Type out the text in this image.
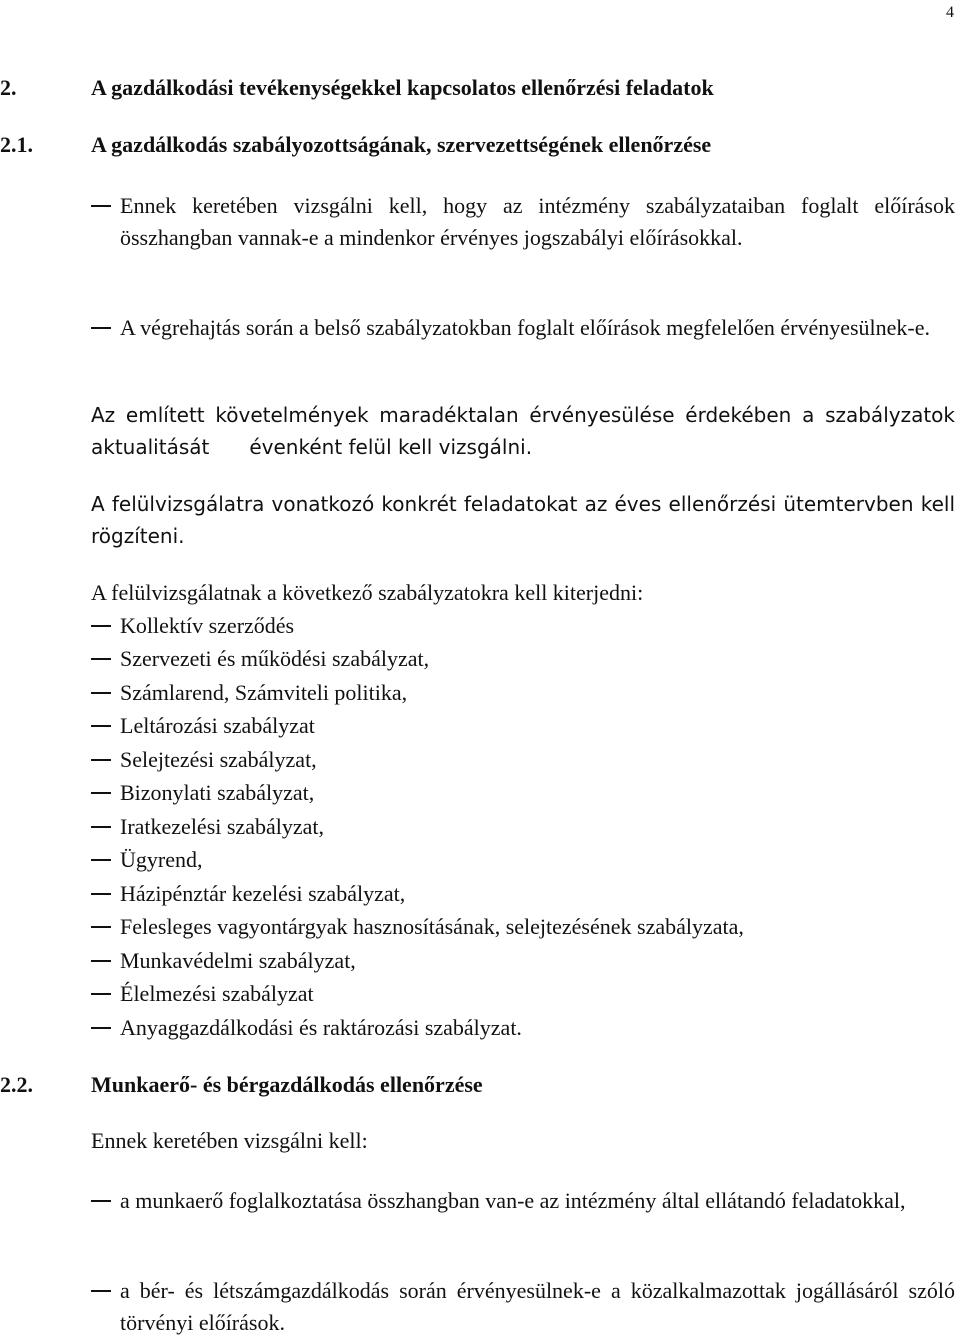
4
2.	A gazdálkodási tevékenységekkel kapcsolatos ellenőrzési feladatok
2.1.	A gazdálkodás szabályozottságának, szervezettségének ellenőrzése
Ennek keretében vizsgálni kell, hogy az intézmény szabályzataiban foglalt előírások összhangban vannak-e a mindenkor érvényes jogszabályi előírásokkal.
A végrehajtás során a belső szabályzatokban foglalt előírások megfelelően érvényesülnek-e.
Az említett követelmények maradéktalan érvényesülése érdekében a szabályzatok aktualitását évenként felül kell vizsgálni.
A felülvizsgálatra vonatkozó konkrét feladatokat az éves ellenőrzési ütemtervben kell rögzíteni.
A felülvizsgálatnak a következő szabályzatokra kell kiterjedni:
Kollektív szerződés
Szervezeti és működési szabályzat,
Számlarend, Számviteli politika,
Leltározási szabályzat
Selejtezési szabályzat,
Bizonylati szabályzat,
Iratkezelési szabályzat,
Ügyrend,
Házipénztár kezelési szabályzat,
Felesleges vagyontárgyak hasznosításának, selejtezésének szabályzata,
Munkavédelmi szabályzat,
Élelmezési szabályzat
Anyaggazdálkodási és raktározási szabályzat.
2.2.	Munkaerő- és bérgazdálkodás ellenőrzése
Ennek keretében vizsgálni kell:
a munkaerő foglalkoztatása összhangban van-e az intézmény által ellátandó feladatokkal,
a bér- és létszámgazdálkodás során érvényesülnek-e a közalkalmazottak jogállásáról szóló törvényi előírások.
